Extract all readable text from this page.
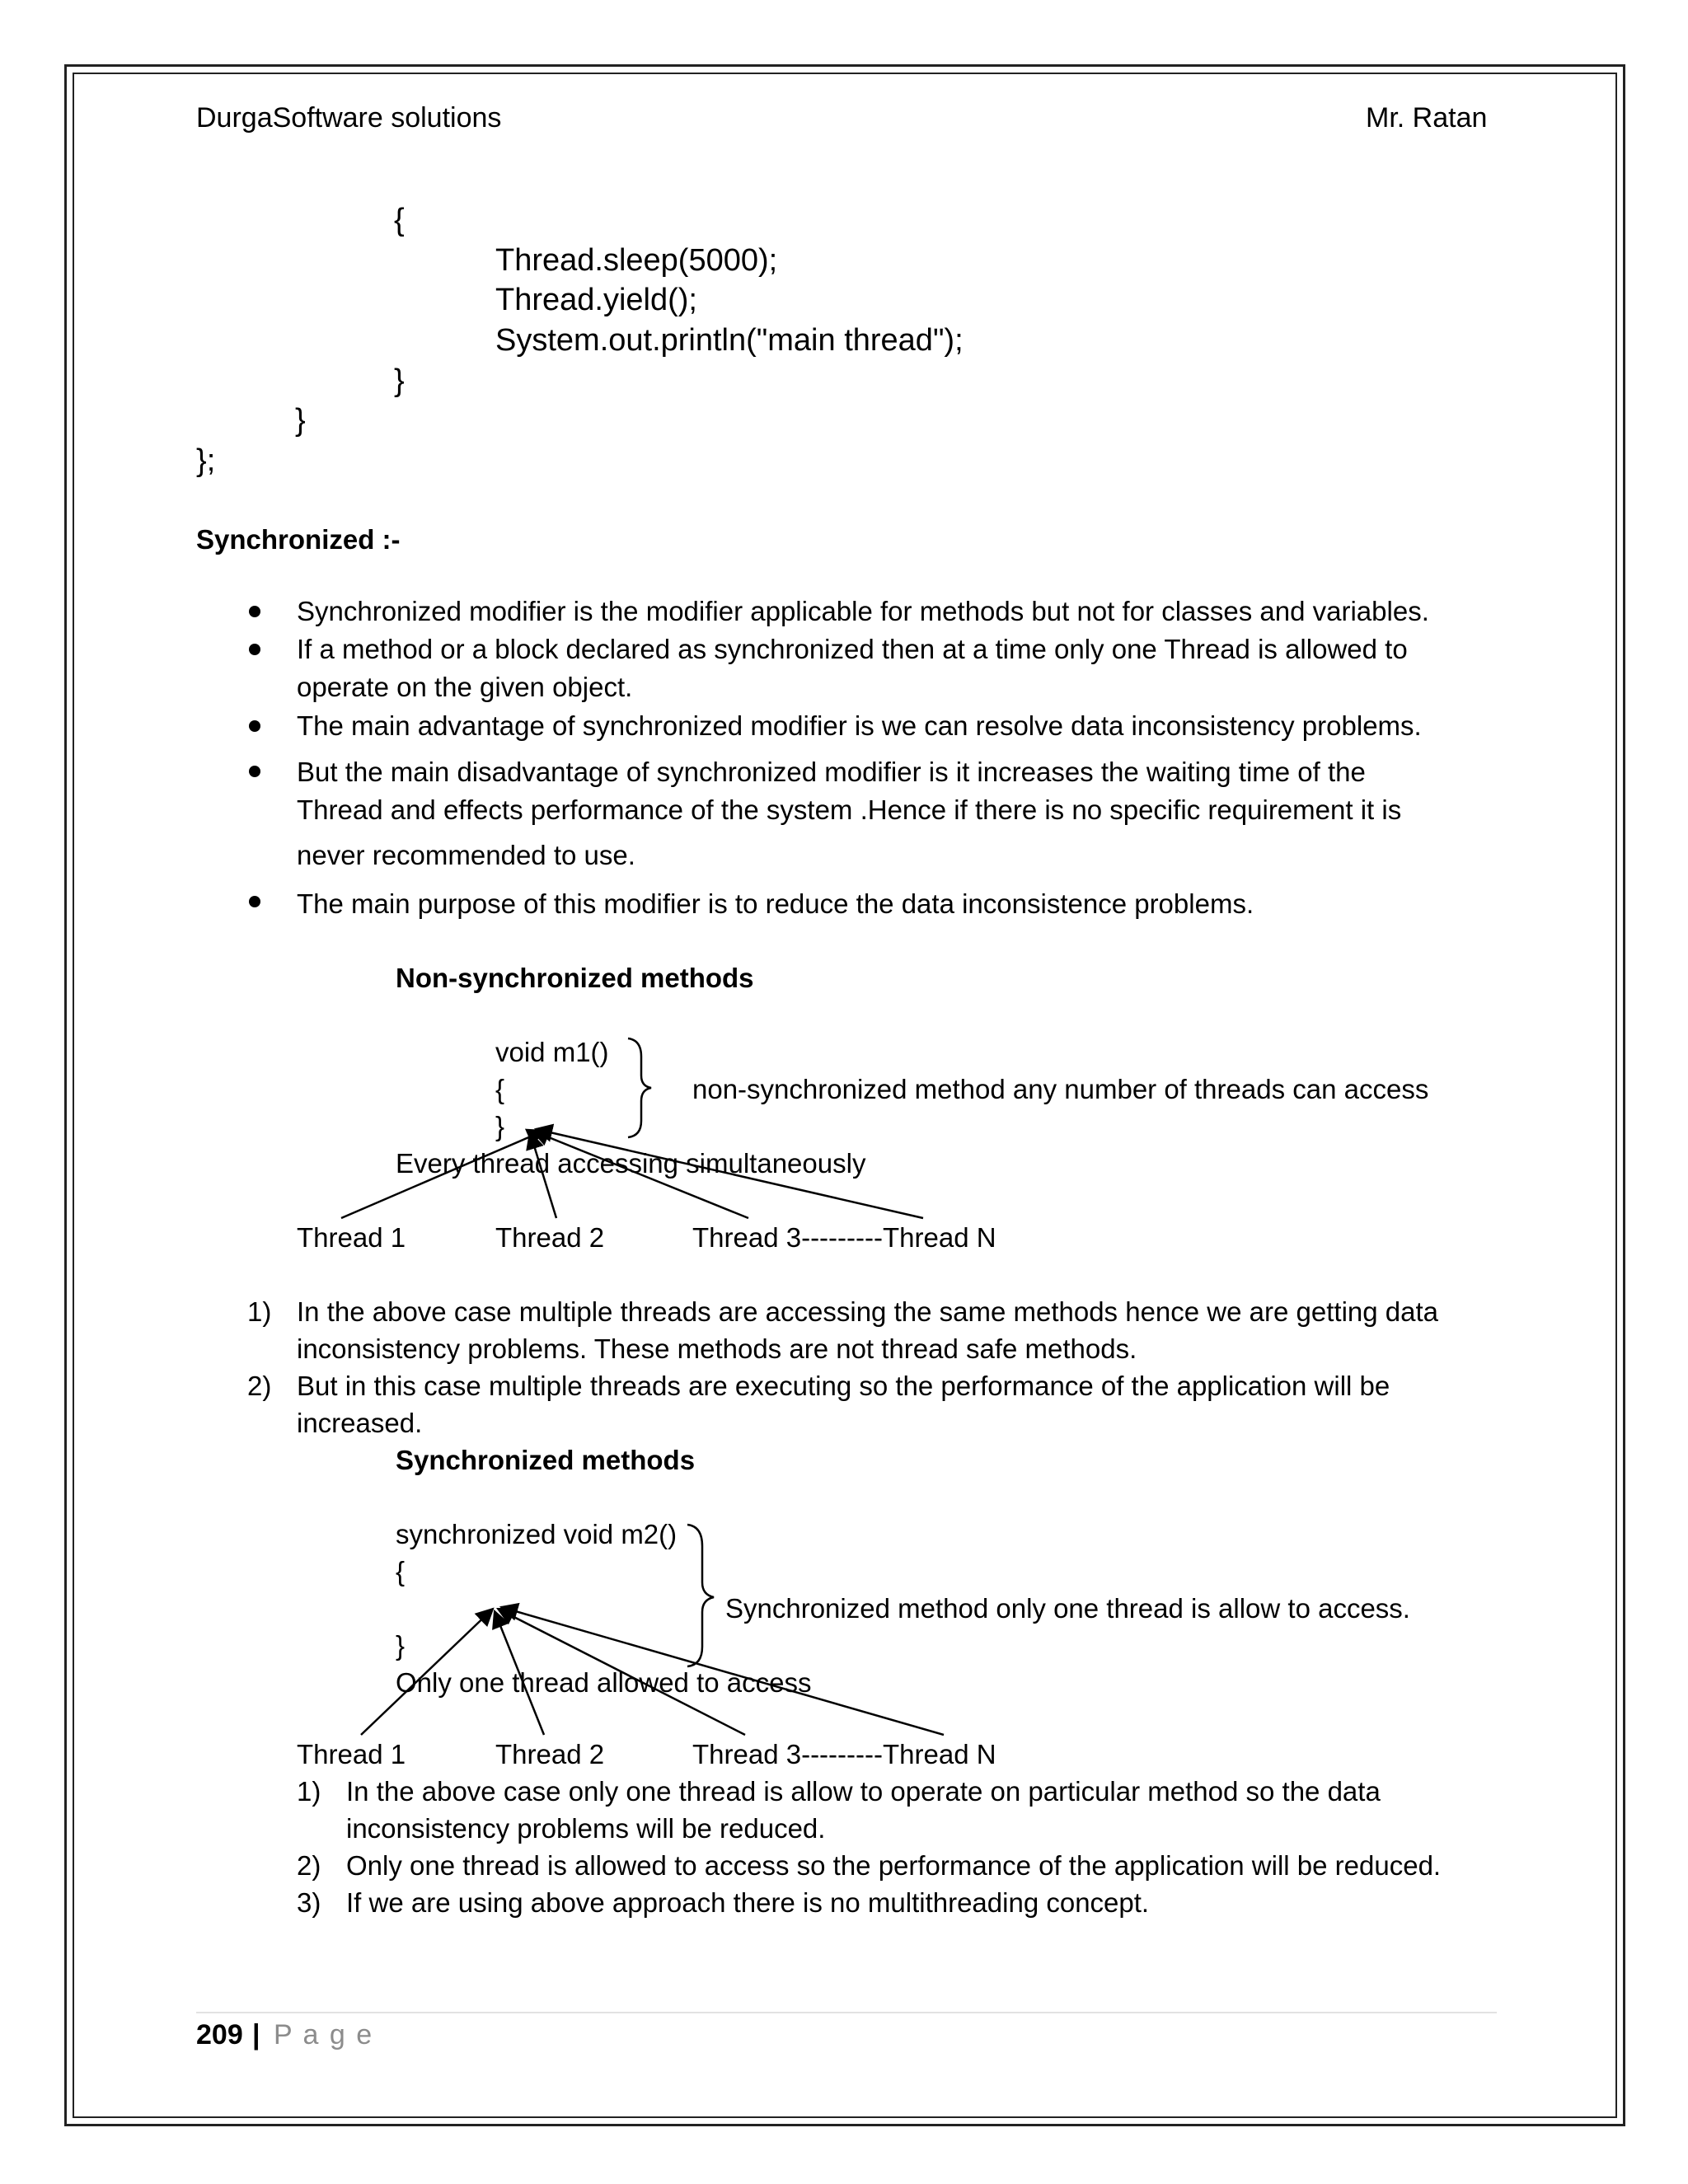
DurgaSoftware solutions	Mr. Ratan
{
Thread.sleep(5000);
Thread.yield();
System.out.println("main thread");
}
}
};
Synchronized :-
Synchronized modifier is the modifier applicable for methods but not for classes and variables.
If a method or a block declared as synchronized then at a time only one Thread is allowed to
operate on the given object.
The main advantage of synchronized modifier is we can resolve data inconsistency problems.
But the main disadvantage of synchronized modifier is it increases the waiting time of the
Thread and effects performance of the system .Hence if there is no specific requirement it is
never recommended to use.
The main purpose of this modifier is to reduce the data inconsistence problems.
Non-synchronized methods
void m1()
{
}
non-synchronized method any number of threads can access
Every thread accessing simultaneously
Thread 1	Thread 2	Thread 3---------Thread N
1) In the above case multiple threads are accessing the same methods hence we are getting data
inconsistency problems. These methods are not thread safe methods.
2) But in this case multiple threads are executing so the performance of the application will be
increased.
Synchronized methods
synchronized void m2()
{
Synchronized method only one thread is allow to access.
}
Only one thread allowed to access
Thread 1	Thread 2	Thread 3---------Thread N
1) In the above case only one thread is allow to operate on particular method so the data
inconsistency problems will be reduced.
2) Only one thread is allowed to access so the performance of the application will be reduced.
3) If we are using above approach there is no multithreading concept.
209 | P a g e
